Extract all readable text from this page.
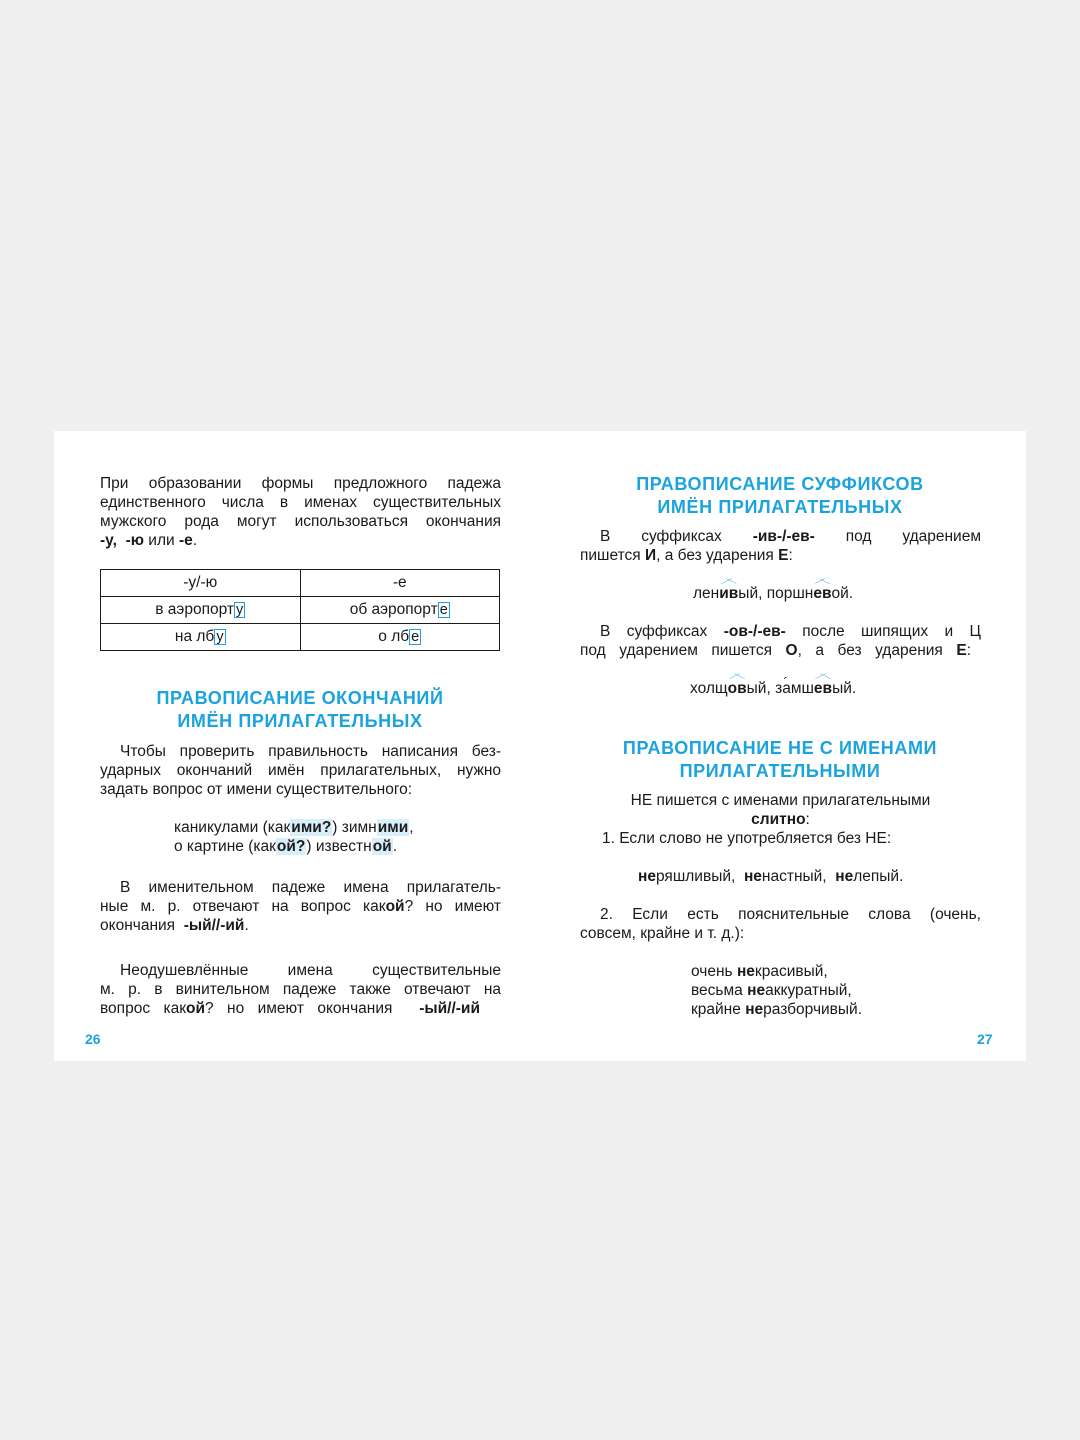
При образовании формы предложного падежа

единственного числа в именах существительных

мужского рода могут использоваться окончания

-у, -ю или -е.

-у/-ю	-е
в аэропорт у	об аэропорт е
на лб у	о лб е
ПРАВОПИСАНИЕ ОКОНЧАНИЙ
ИМЁН ПРИЛАГАТЕЛЬНЫХ

Чтобы проверить правильность написания без-

ударных окончаний имён прилагательных, нужно

задать вопрос от имени существительного:

каникулами (какими?) зимними,

о картине (какой?) известной.

В именительном падеже имена прилагатель-

ные м. р. отвечают на вопрос какой? но имеют

окончания -ый//-ий.

Неодушевлённые имена существительные

м. р. в винительном падеже также отвечают на

вопрос какой? но имеют окончания -ый//-ий

26
ПРАВОПИСАНИЕ СУФФИКСОВ
ИМЁН ПРИЛАГАТЕЛЬНЫХ

В суффиксах -ив-/-ев- под ударением

пишется И, а без ударения Е:

ленивый, поршневой.

В суффиксах -ов-/-ев- после шипящих и Ц

под ударением пишется О, а без ударения Е:

холщовый, за ´мшевый.

ПРАВОПИСАНИЕ НЕ С ИМЕНАМИ
ПРИЛАГАТЕЛЬНЫМИ

НЕ пишется с именами прилагательными

слитно:

1. Если слово не употребляется без НЕ:

неряшливый, ненастный, нелепый.

2. Если есть пояснительные слова (очень,

совсем, крайне и т. д.):

очень некрасивый,

весьма неаккуратный,

крайне неразборчивый.

27
